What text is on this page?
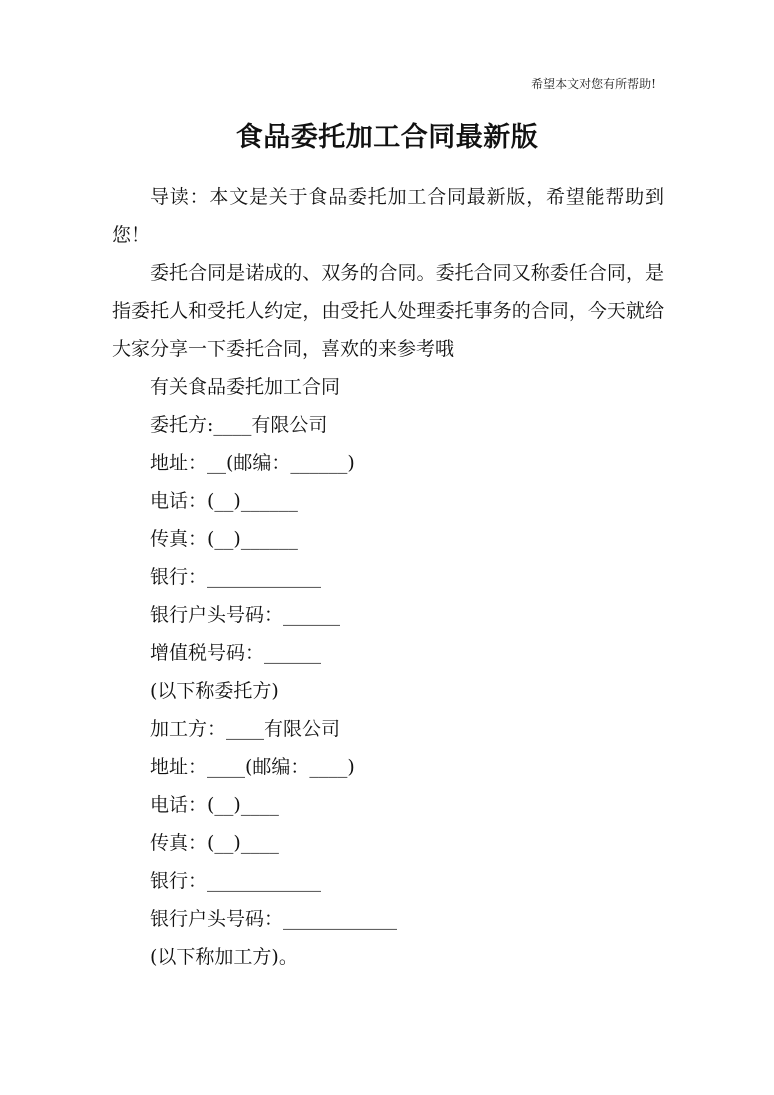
希望本文对您有所帮助!
食品委托加工合同最新版

导读：本文是关于食品委托加工合同最新版，希望能帮助到您！

委托合同是诺成的、双务的合同。委托合同又称委任合同，是指委托人和受托人约定，由受托人处理委托事务的合同，今天就给大家分享一下委托合同，喜欢的来参考哦

有关食品委托加工合同

委托方:____有限公司

地址：__(邮编：______)

电话：(__)______

传真：(__)______

银行：____________

银行户头号码：______

增值税号码：______

(以下称委托方)

加工方：____有限公司

地址：____(邮编：____)

电话：(__)____

传真：(__)____

银行：____________

银行户头号码：____________

(以下称加工方)。
